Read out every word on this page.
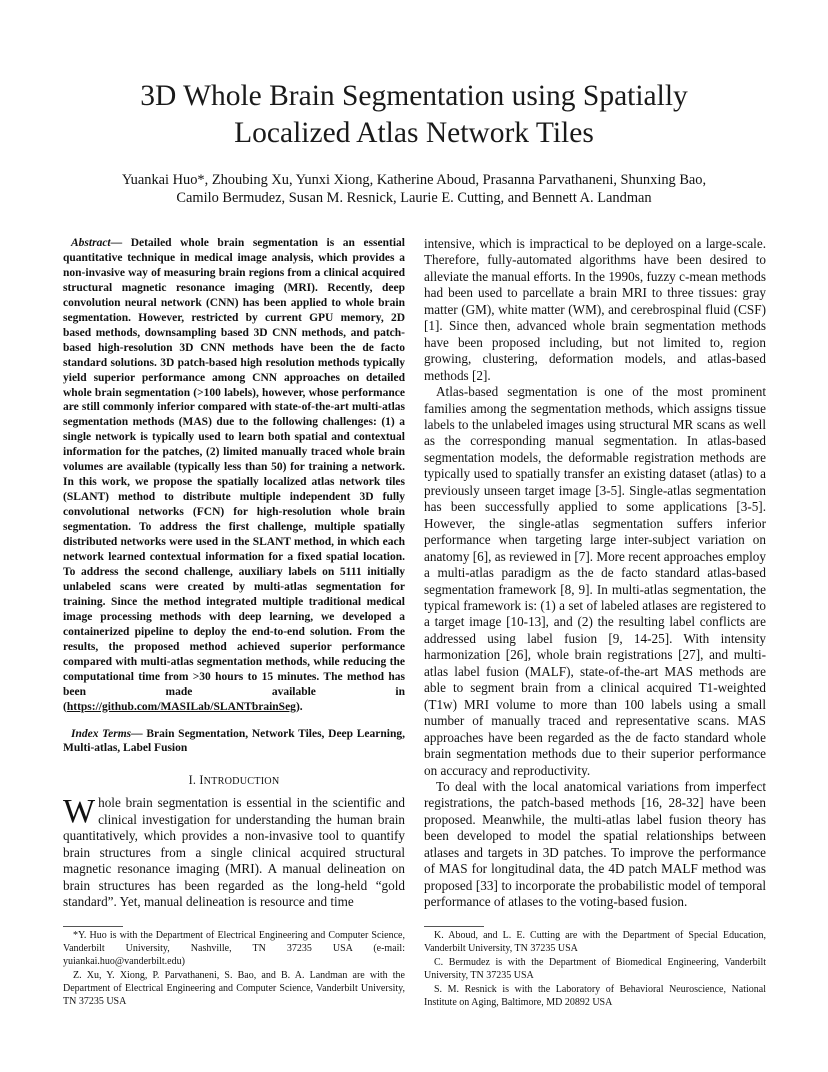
3D Whole Brain Segmentation using Spatially
Localized Atlas Network Tiles
Yuankai Huo*, Zhoubing Xu, Yunxi Xiong, Katherine Aboud, Prasanna Parvathaneni, Shunxing Bao,
Camilo Bermudez, Susan M. Resnick, Laurie E. Cutting, and Bennett A. Landman

Abstract— Detailed whole brain segmentation is an essential quantitative technique in medical image analysis, which provides a non-invasive way of measuring brain regions from a clinical acquired structural magnetic resonance imaging (MRI). Recently, deep convolution neural network (CNN) has been applied to whole brain segmentation. However, restricted by current GPU memory, 2D based methods, downsampling based 3D CNN methods, and patch-based high-resolution 3D CNN methods have been the de facto standard solutions. 3D patch-based high resolution methods typically yield superior performance among CNN approaches on detailed whole brain segmentation (>100 labels), however, whose performance are still commonly inferior compared with state-of-the-art multi-atlas segmentation methods (MAS) due to the following challenges: (1) a single network is typically used to learn both spatial and contextual information for the patches, (2) limited manually traced whole brain volumes are available (typically less than 50) for training a network. In this work, we propose the spatially localized atlas network tiles (SLANT) method to distribute multiple independent 3D fully convolutional networks (FCN) for high-resolution whole brain segmentation. To address the first challenge, multiple spatially distributed networks were used in the SLANT method, in which each network learned contextual information for a fixed spatial location. To address the second challenge, auxiliary labels on 5111 initially unlabeled scans were created by multi-atlas segmentation for training. Since the method integrated multiple traditional medical image processing methods with deep learning, we developed a containerized pipeline to deploy the end-to-end solution. From the results, the proposed method achieved superior performance compared with multi-atlas segmentation methods, while reducing the computational time from >30 hours to 15 minutes. The method has been made available in (https://github.com/MASILab/SLANTbrainSeg).

Index Terms— Brain Segmentation, Network Tiles, Deep Learning, Multi-atlas, Label Fusion

I. INTRODUCTION

Whole brain segmentation is essential in the scientific and clinical investigation for understanding the human brain quantitatively, which provides a non-invasive tool to quantify brain structures from a single clinical acquired structural magnetic resonance imaging (MRI). A manual delineation on brain structures has been regarded as the long-held “gold standard”. Yet, manual delineation is resource and time

intensive, which is impractical to be deployed on a large-scale. Therefore, fully-automated algorithms have been desired to alleviate the manual efforts. In the 1990s, fuzzy c-mean methods had been used to parcellate a brain MRI to three tissues: gray matter (GM), white matter (WM), and cerebrospinal fluid (CSF) [1]. Since then, advanced whole brain segmentation methods have been proposed including, but not limited to, region growing, clustering, deformation models, and atlas-based methods [2].

Atlas-based segmentation is one of the most prominent families among the segmentation methods, which assigns tissue labels to the unlabeled images using structural MR scans as well as the corresponding manual segmentation. In atlas-based segmentation models, the deformable registration methods are typically used to spatially transfer an existing dataset (atlas) to a previously unseen target image [3-5]. Single-atlas segmentation has been successfully applied to some applications [3-5]. However, the single-atlas segmentation suffers inferior performance when targeting large inter-subject variation on anatomy [6], as reviewed in [7]. More recent approaches employ a multi-atlas paradigm as the de facto standard atlas-based segmentation framework [8, 9]. In multi-atlas segmentation, the typical framework is: (1) a set of labeled atlases are registered to a target image [10-13], and (2) the resulting label conflicts are addressed using label fusion [9, 14-25]. With intensity harmonization [26], whole brain registrations [27], and multi-atlas label fusion (MALF), state-of-the-art MAS methods are able to segment brain from a clinical acquired T1-weighted (T1w) MRI volume to more than 100 labels using a small number of manually traced and representative scans. MAS approaches have been regarded as the de facto standard whole brain segmentation methods due to their superior performance on accuracy and reproductivity.

To deal with the local anatomical variations from imperfect registrations, the patch-based methods [16, 28-32] have been proposed. Meanwhile, the multi-atlas label fusion theory has been developed to model the spatial relationships between atlases and targets in 3D patches. To improve the performance of MAS for longitudinal data, the 4D patch MALF method was proposed [33] to incorporate the probabilistic model of temporal performance of atlases to the voting-based fusion.

*Y. Huo is with the Department of Electrical Engineering and Computer Science, Vanderbilt University, Nashville, TN 37235 USA (e-mail: yuiankai.huo@vanderbilt.edu)

Z. Xu, Y. Xiong, P. Parvathaneni, S. Bao, and B. A. Landman are with the Department of Electrical Engineering and Computer Science, Vanderbilt University, TN 37235 USA

K. Aboud, and L. E. Cutting are with the Department of Special Education, Vanderbilt University, TN 37235 USA

C. Bermudez is with the Department of Biomedical Engineering, Vanderbilt University, TN 37235 USA

S. M. Resnick is with the Laboratory of Behavioral Neuroscience, National Institute on Aging, Baltimore, MD 20892 USA
